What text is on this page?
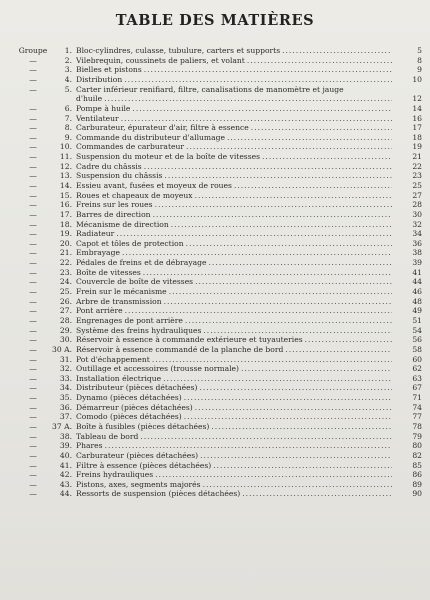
TABLE DES MATIÈRES
Groupe	1. Bloc-cylindres, culasse, tubulure, carters et supports .....	5
—	2. Vilebrequin, coussinets de paliers, et volant .....	8
—	3. Bielles et pistons .....	9
—	4. Distribution .....	10
—	5. Carter inférieur renifiard, filtre, canalisations de manomètre et jauge
d'huile .....	12
—	6. Pompe à huile .....	14
—	7. Ventilateur .....	16
—	8. Carburateur, épurateur d'air, filtre à essence .....	17
—	9. Commande du distributeur d'allumage .....	18
—	10. Commandes de carburateur .....	19
—	11. Suspension du moteur et de la boîte de vitesses .....	21
—	12. Cadre du châssis .....	22
—	13. Suspension du châssis .....	23
—	14. Essieu avant, fusées et moyeux de roues .....	25
—	15. Roues et chapeaux de moyeux .....	27
—	16. Freins sur les roues .....	28
—	17. Barres de direction .....	30
—	18. Mécanisme de direction .....	32
—	19. Radiateur .....	34
—	20. Capot et tôles de protection .....	36
—	21. Embrayage .....	38
—	22. Pédales de freins et de débrayage .....	39
—	23. Boîte de vitesses .....	41
—	24. Couvercle de boîte de vitesses .....	44
—	25. Frein sur le mécanisme .....	46
—	26. Arbre de transmission .....	48
—	27. Pont arrière .....	49
—	28. Engrenages de pont arrière .....	51
—	29. Système des freins hydrauliques .....	54
—	30. Réservoir à essence à commande extérieure et tuyauteries .....	56
—	30 A. Réservoir à essence commandé de la planche de bord .....	58
—	31. Pot d'échappement .....	60
—	32. Outillage et accessoires (trousse normale) .....	62
—	33. Installation électrique .....	63
—	34. Distributeur (pièces détachées) .....	67
—	35. Dynamo (pièces détachées) .....	71
—	36. Démarreur (pièces détachées) .....	74
—	37. Comodo (pièces détachées) .....	77
—	37 A. Boîte à fusibles (pièces détachées) .....	78
—	38. Tableau de bord .....	79
—	39. Phares .....	80
—	40. Carburateur (pièces détachées) .....	82
—	41. Filtre à essence (pièces détachées) .....	85
—	42. Freins hydrauliques .....	86
—	43. Pistons, axes, segments majorés .....	89
—	44. Ressorts de suspension (pièces détachées) .....	90
